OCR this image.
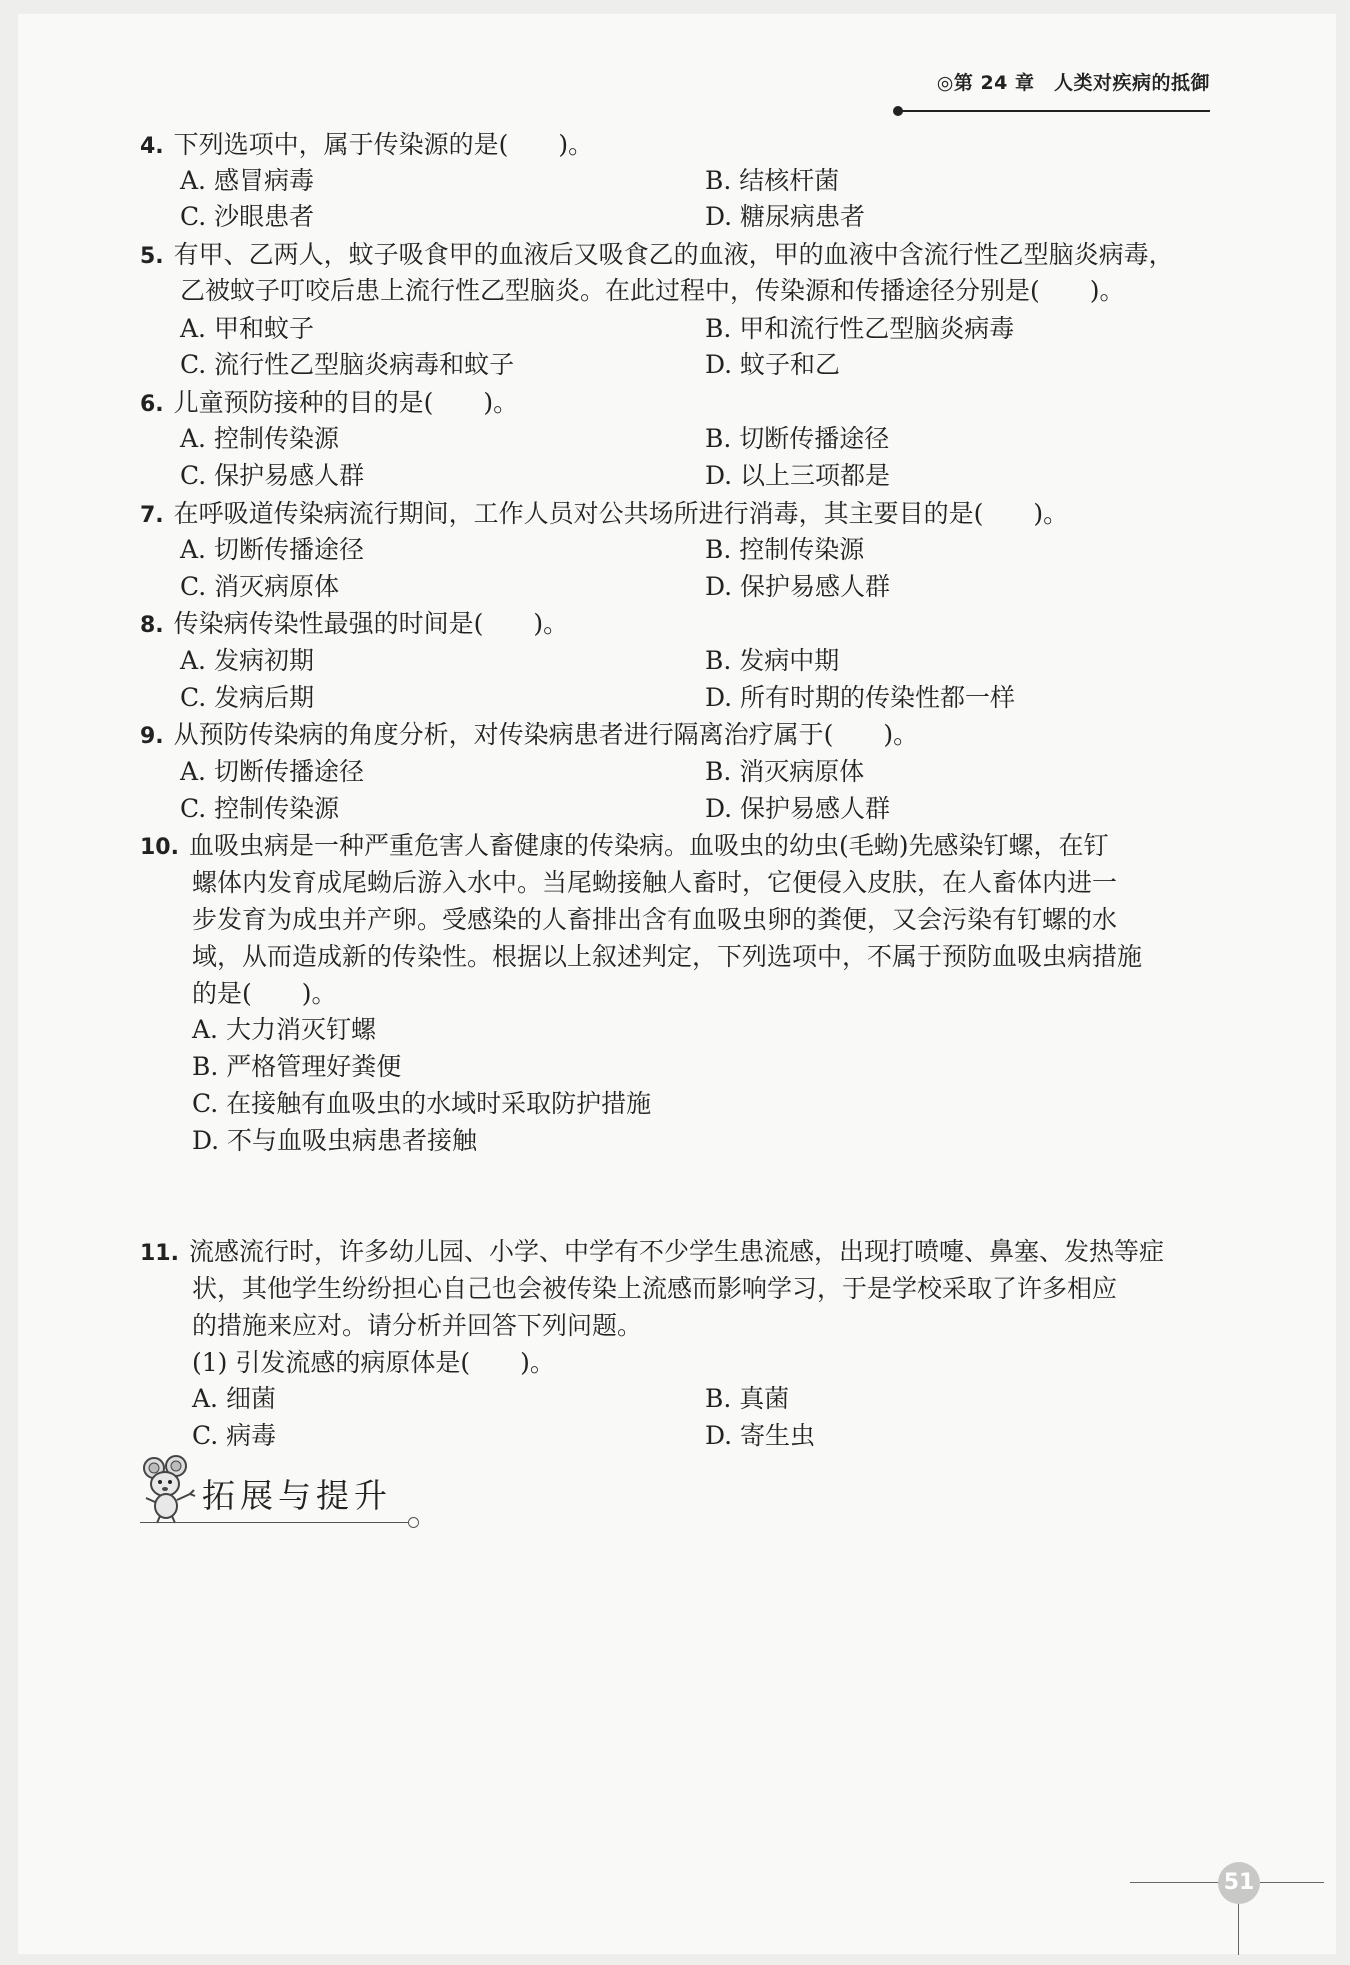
◎第 24 章　人类对疾病的抵御
4. 下列选项中，属于传染源的是(　　)。
A. 感冒病毒	B. 结核杆菌
C. 沙眼患者	D. 糖尿病患者
5. 有甲、乙两人，蚊子吸食甲的血液后又吸食乙的血液，甲的血液中含流行性乙型脑炎病毒，
乙被蚊子叮咬后患上流行性乙型脑炎。在此过程中，传染源和传播途径分别是(　　)。
A. 甲和蚊子	B. 甲和流行性乙型脑炎病毒
C. 流行性乙型脑炎病毒和蚊子	D. 蚊子和乙
6. 儿童预防接种的目的是(　　)。
A. 控制传染源	B. 切断传播途径
C. 保护易感人群	D. 以上三项都是
7. 在呼吸道传染病流行期间，工作人员对公共场所进行消毒，其主要目的是(　　)。
A. 切断传播途径	B. 控制传染源
C. 消灭病原体	D. 保护易感人群
8. 传染病传染性最强的时间是(　　)。
A. 发病初期	B. 发病中期
C. 发病后期	D. 所有时期的传染性都一样
9. 从预防传染病的角度分析，对传染病患者进行隔离治疗属于(　　)。
A. 切断传播途径	B. 消灭病原体
C. 控制传染源	D. 保护易感人群
10. 血吸虫病是一种严重危害人畜健康的传染病。血吸虫的幼虫(毛蚴)先感染钉螺，在钉
螺体内发育成尾蚴后游入水中。当尾蚴接触人畜时，它便侵入皮肤，在人畜体内进一
步发育为成虫并产卵。受感染的人畜排出含有血吸虫卵的粪便，又会污染有钉螺的水
域，从而造成新的传染性。根据以上叙述判定，下列选项中，不属于预防血吸虫病措施
的是(　　)。
A. 大力消灭钉螺
B. 严格管理好粪便
C. 在接触有血吸虫的水域时采取防护措施
D. 不与血吸虫病患者接触
拓展与提升
11. 流感流行时，许多幼儿园、小学、中学有不少学生患流感，出现打喷嚏、鼻塞、发热等症
状，其他学生纷纷担心自己也会被传染上流感而影响学习，于是学校采取了许多相应
的措施来应对。请分析并回答下列问题。
(1) 引发流感的病原体是(　　)。
A. 细菌	B. 真菌
C. 病毒	D. 寄生虫
51
